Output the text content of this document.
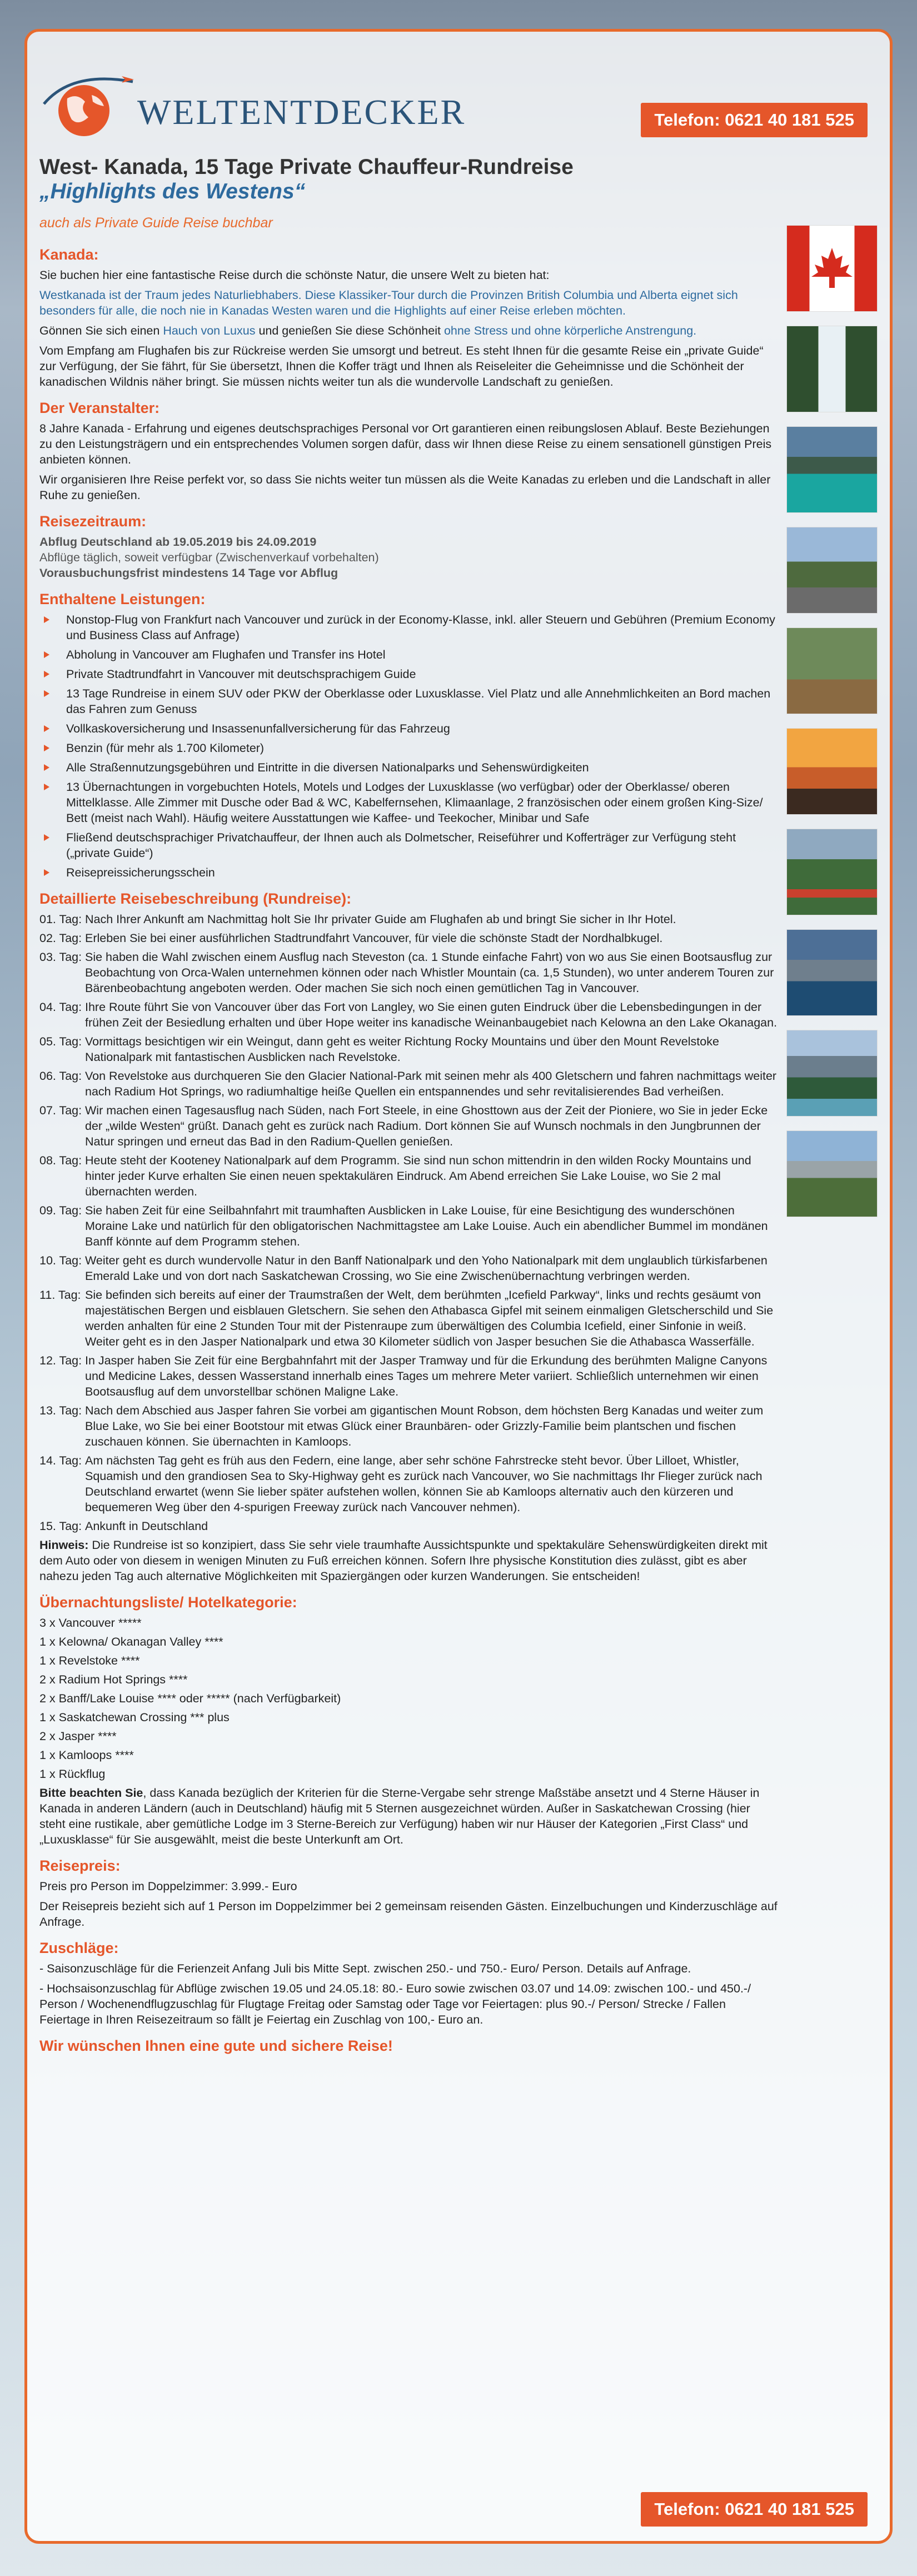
WELTENTDECKER	Telefon: 0621 40 181 525
West- Kanada, 15 Tage Private Chauffeur-Rundreise
„Highlights des Westens“
auch als Private Guide Reise buchbar
Kanada:

Sie buchen hier eine fantastische Reise durch die schönste Natur, die unsere Welt zu bieten hat:

Westkanada ist der Traum jedes Naturliebhabers. Diese Klassiker-Tour durch die Provinzen British Columbia und Alberta eignet sich besonders für alle, die noch nie in Kanadas Westen waren und die Highlights auf einer Reise erleben möchten.

Gönnen Sie sich einen Hauch von Luxus und genießen Sie diese Schönheit ohne Stress und ohne körperliche Anstrengung.

Vom Empfang am Flughafen bis zur Rückreise werden Sie umsorgt und betreut. Es steht Ihnen für die gesamte Reise ein „private Guide“ zur Verfügung, der Sie fährt, für Sie übersetzt, Ihnen die Koffer trägt und Ihnen als Reiseleiter die Geheimnisse und die Schönheit der kanadischen Wildnis näher bringt. Sie müssen nichts weiter tun als die wundervolle Landschaft zu genießen.

Der Veranstalter:

8 Jahre Kanada - Erfahrung und eigenes deutschsprachiges Personal vor Ort garantieren einen reibungslosen Ablauf. Beste Beziehungen zu den Leistungsträgern und ein entsprechendes Volumen sorgen dafür, dass wir Ihnen diese Reise zu einem sensationell günstigen Preis anbieten können.

Wir organisieren Ihre Reise perfekt vor, so dass Sie nichts weiter tun müssen als die Weite Kanadas zu erleben und die Landschaft in aller Ruhe zu genießen.

Reisezeitraum:
Abflug Deutschland ab 19.05.2019 bis 24.09.2019
Abflüge täglich, soweit verfügbar (Zwischenverkauf vorbehalten)
Vorausbuchungsfrist mindestens 14 Tage vor Abflug
Enthaltene Leistungen:
Nonstop-Flug von Frankfurt nach Vancouver und zurück in der Economy-Klasse, inkl. aller Steuern und Gebühren (Premium Economy und Business Class auf Anfrage)
Abholung in Vancouver am Flughafen und Transfer ins Hotel
Private Stadtrundfahrt in Vancouver mit deutschsprachigem Guide
13 Tage Rundreise in einem SUV oder PKW der Oberklasse oder Luxusklasse. Viel Platz und alle Annehmlichkeiten an Bord machen das Fahren zum Genuss
Vollkaskoversicherung und Insassenunfallversicherung für das Fahrzeug
Benzin (für mehr als 1.700 Kilometer)
Alle Straßennutzungsgebühren und Eintritte in die diversen Nationalparks und Sehenswürdigkeiten
13 Übernachtungen in vorgebuchten Hotels, Motels und Lodges der Luxusklasse (wo verfügbar) oder der Oberklasse/ oberen Mittelklasse. Alle Zimmer mit Dusche oder Bad & WC, Kabelfernsehen, Klimaanlage, 2 französischen oder einem großen King-Size/ Bett (meist nach Wahl). Häufig weitere Ausstattungen wie Kaffee- und Teekocher, Minibar und Safe
Fließend deutschsprachiger Privatchauffeur, der Ihnen auch als Dolmetscher, Reiseführer und Kofferträger zur Verfügung steht („private Guide“)
Reisepreissicherungsschein
Detaillierte Reisebeschreibung (Rundreise):
01. Tag: Nach Ihrer Ankunft am Nachmittag holt Sie Ihr privater Guide am Flughafen ab und bringt Sie sicher in Ihr Hotel.
02. Tag: Erleben Sie bei einer ausführlichen Stadtrundfahrt Vancouver, für viele die schönste Stadt der Nordhalbkugel.
03. Tag: Sie haben die Wahl zwischen einem Ausflug nach Steveston (ca. 1 Stunde einfache Fahrt) von wo aus Sie einen Bootsausflug zur Beobachtung von Orca-Walen unternehmen können oder nach Whistler Mountain (ca. 1,5 Stunden), wo unter anderem Touren zur Bärenbeobachtung angeboten werden. Oder machen Sie sich noch einen gemütlichen Tag in Vancouver.
04. Tag: Ihre Route führt Sie von Vancouver über das Fort von Langley, wo Sie einen guten Eindruck über die Lebensbedingungen in der frühen Zeit der Besiedlung erhalten und über Hope weiter ins kanadische Weinanbaugebiet nach Kelowna an den Lake Okanagan.
05. Tag: Vormittags besichtigen wir ein Weingut, dann geht es weiter Richtung Rocky Mountains und über den Mount Revelstoke Nationalpark mit fantastischen Ausblicken nach Revelstoke.
06. Tag: Von Revelstoke aus durchqueren Sie den Glacier National-Park mit seinen mehr als 400 Gletschern und fahren nachmittags weiter nach Radium Hot Springs, wo radiumhaltige heiße Quellen ein entspannendes und sehr revitalisierendes Bad verheißen.
07. Tag: Wir machen einen Tagesausflug nach Süden, nach Fort Steele, in eine Ghosttown aus der Zeit der Pioniere, wo Sie in jeder Ecke der „wilde Westen“ grüßt. Danach geht es zurück nach Radium. Dort können Sie auf Wunsch nochmals in den Jungbrunnen der Natur springen und erneut das Bad in den Radium-Quellen genießen.
08. Tag: Heute steht der Kooteney Nationalpark auf dem Programm. Sie sind nun schon mittendrin in den wilden Rocky Mountains und hinter jeder Kurve erhalten Sie einen neuen spektakulären Eindruck. Am Abend erreichen Sie Lake Louise, wo Sie 2 mal übernachten werden.
09. Tag: Sie haben Zeit für eine Seilbahnfahrt mit traumhaften Ausblicken in Lake Louise, für eine Besichtigung des wunderschönen Moraine Lake und natürlich für den obligatorischen Nachmittagstee am Lake Louise. Auch ein abendlicher Bummel im mondänen Banff könnte auf dem Programm stehen.
10. Tag: Weiter geht es durch wundervolle Natur in den Banff Nationalpark und den Yoho Nationalpark mit dem unglaublich türkisfarbenen Emerald Lake und von dort nach Saskatchewan Crossing, wo Sie eine Zwischenübernachtung verbringen werden.
11. Tag: Sie befinden sich bereits auf einer der Traumstraßen der Welt, dem berühmten „Icefield Parkway“, links und rechts gesäumt von majestätischen Bergen und eisblauen Gletschern. Sie sehen den Athabasca Gipfel mit seinem einmaligen Gletscherschild und Sie werden anhalten für eine 2 Stunden Tour mit der Pistenraupe zum überwältigen des Columbia Icefield, einer Sinfonie in weiß. Weiter geht es in den Jasper Nationalpark und etwa 30 Kilometer südlich von Jasper besuchen Sie die Athabasca Wasserfälle.
12. Tag: In Jasper haben Sie Zeit für eine Bergbahnfahrt mit der Jasper Tramway und für die Erkundung des berühmten Maligne Canyons und Medicine Lakes, dessen Wasserstand innerhalb eines Tages um mehrere Meter variiert. Schließlich unternehmen wir einen Bootsausflug auf dem unvorstellbar schönen Maligne Lake.
13. Tag: Nach dem Abschied aus Jasper fahren Sie vorbei am gigantischen Mount Robson, dem höchsten Berg Kanadas und weiter zum Blue Lake, wo Sie bei einer Bootstour mit etwas Glück einer Braunbären- oder Grizzly-Familie beim plantschen und fischen zuschauen können. Sie übernachten in Kamloops.
14. Tag: Am nächsten Tag geht es früh aus den Federn, eine lange, aber sehr schöne Fahrstrecke steht bevor. Über Lilloet, Whistler, Squamish und den grandiosen Sea to Sky-Highway geht es zurück nach Vancouver, wo Sie nachmittags Ihr Flieger zurück nach Deutschland erwartet (wenn Sie lieber später aufstehen wollen, können Sie ab Kamloops alternativ auch den kürzeren und bequemeren Weg über den 4-spurigen Freeway zurück nach Vancouver nehmen).
15. Tag: Ankunft in Deutschland

Hinweis: Die Rundreise ist so konzipiert, dass Sie sehr viele traumhafte Aussichtspunkte und spektakuläre Sehenswürdigkeiten direkt mit dem Auto oder von diesem in wenigen Minuten zu Fuß erreichen können. Sofern Ihre physische Konstitution dies zulässt, gibt es aber nahezu jeden Tag auch alternative Möglichkeiten mit Spaziergängen oder kurzen Wanderungen. Sie entscheiden!

Übernachtungsliste/ Hotelkategorie:
3 x Vancouver *****
1 x Kelowna/ Okanagan Valley ****
1 x Revelstoke ****
2 x Radium Hot Springs ****
2 x Banff/Lake Louise **** oder ***** (nach Verfügbarkeit)
1 x Saskatchewan Crossing *** plus
2 x Jasper ****
1 x Kamloops ****
1 x Rückflug

Bitte beachten Sie, dass Kanada bezüglich der Kriterien für die Sterne-Vergabe sehr strenge Maßstäbe ansetzt und 4 Sterne Häuser in Kanada in anderen Ländern (auch in Deutschland) häufig mit 5 Sternen ausgezeichnet würden. Außer in Saskatchewan Crossing (hier steht eine rustikale, aber gemütliche Lodge im 3 Sterne-Bereich zur Verfügung) haben wir nur Häuser der Kategorien „First Class“ und „Luxusklasse“ für Sie ausgewählt, meist die beste Unterkunft am Ort.

Reisepreis:

Preis pro Person im Doppelzimmer: 3.999.- Euro

Der Reisepreis bezieht sich auf 1 Person im Doppelzimmer bei 2 gemeinsam reisenden Gästen. Einzelbuchungen und Kinderzuschläge auf Anfrage.

Zuschläge:

- Saisonzuschläge für die Ferienzeit Anfang Juli bis Mitte Sept. zwischen 250.- und 750.- Euro/ Person. Details auf Anfrage.

- Hochsaisonzuschlag für Abflüge zwischen 19.05 und 24.05.18: 80.- Euro sowie zwischen 03.07 und 14.09: zwischen 100.- und 450.-/ Person / Wochenendflugzuschlag für Flugtage Freitag oder Samstag oder Tage vor Feiertagen: plus 90.-/ Person/ Strecke / Fallen Feiertage in Ihren Reisezeitraum so fällt je Feiertag ein Zuschlag von 100,- Euro an.

Wir wünschen Ihnen eine gute und sichere Reise!
Telefon: 0621 40 181 525
